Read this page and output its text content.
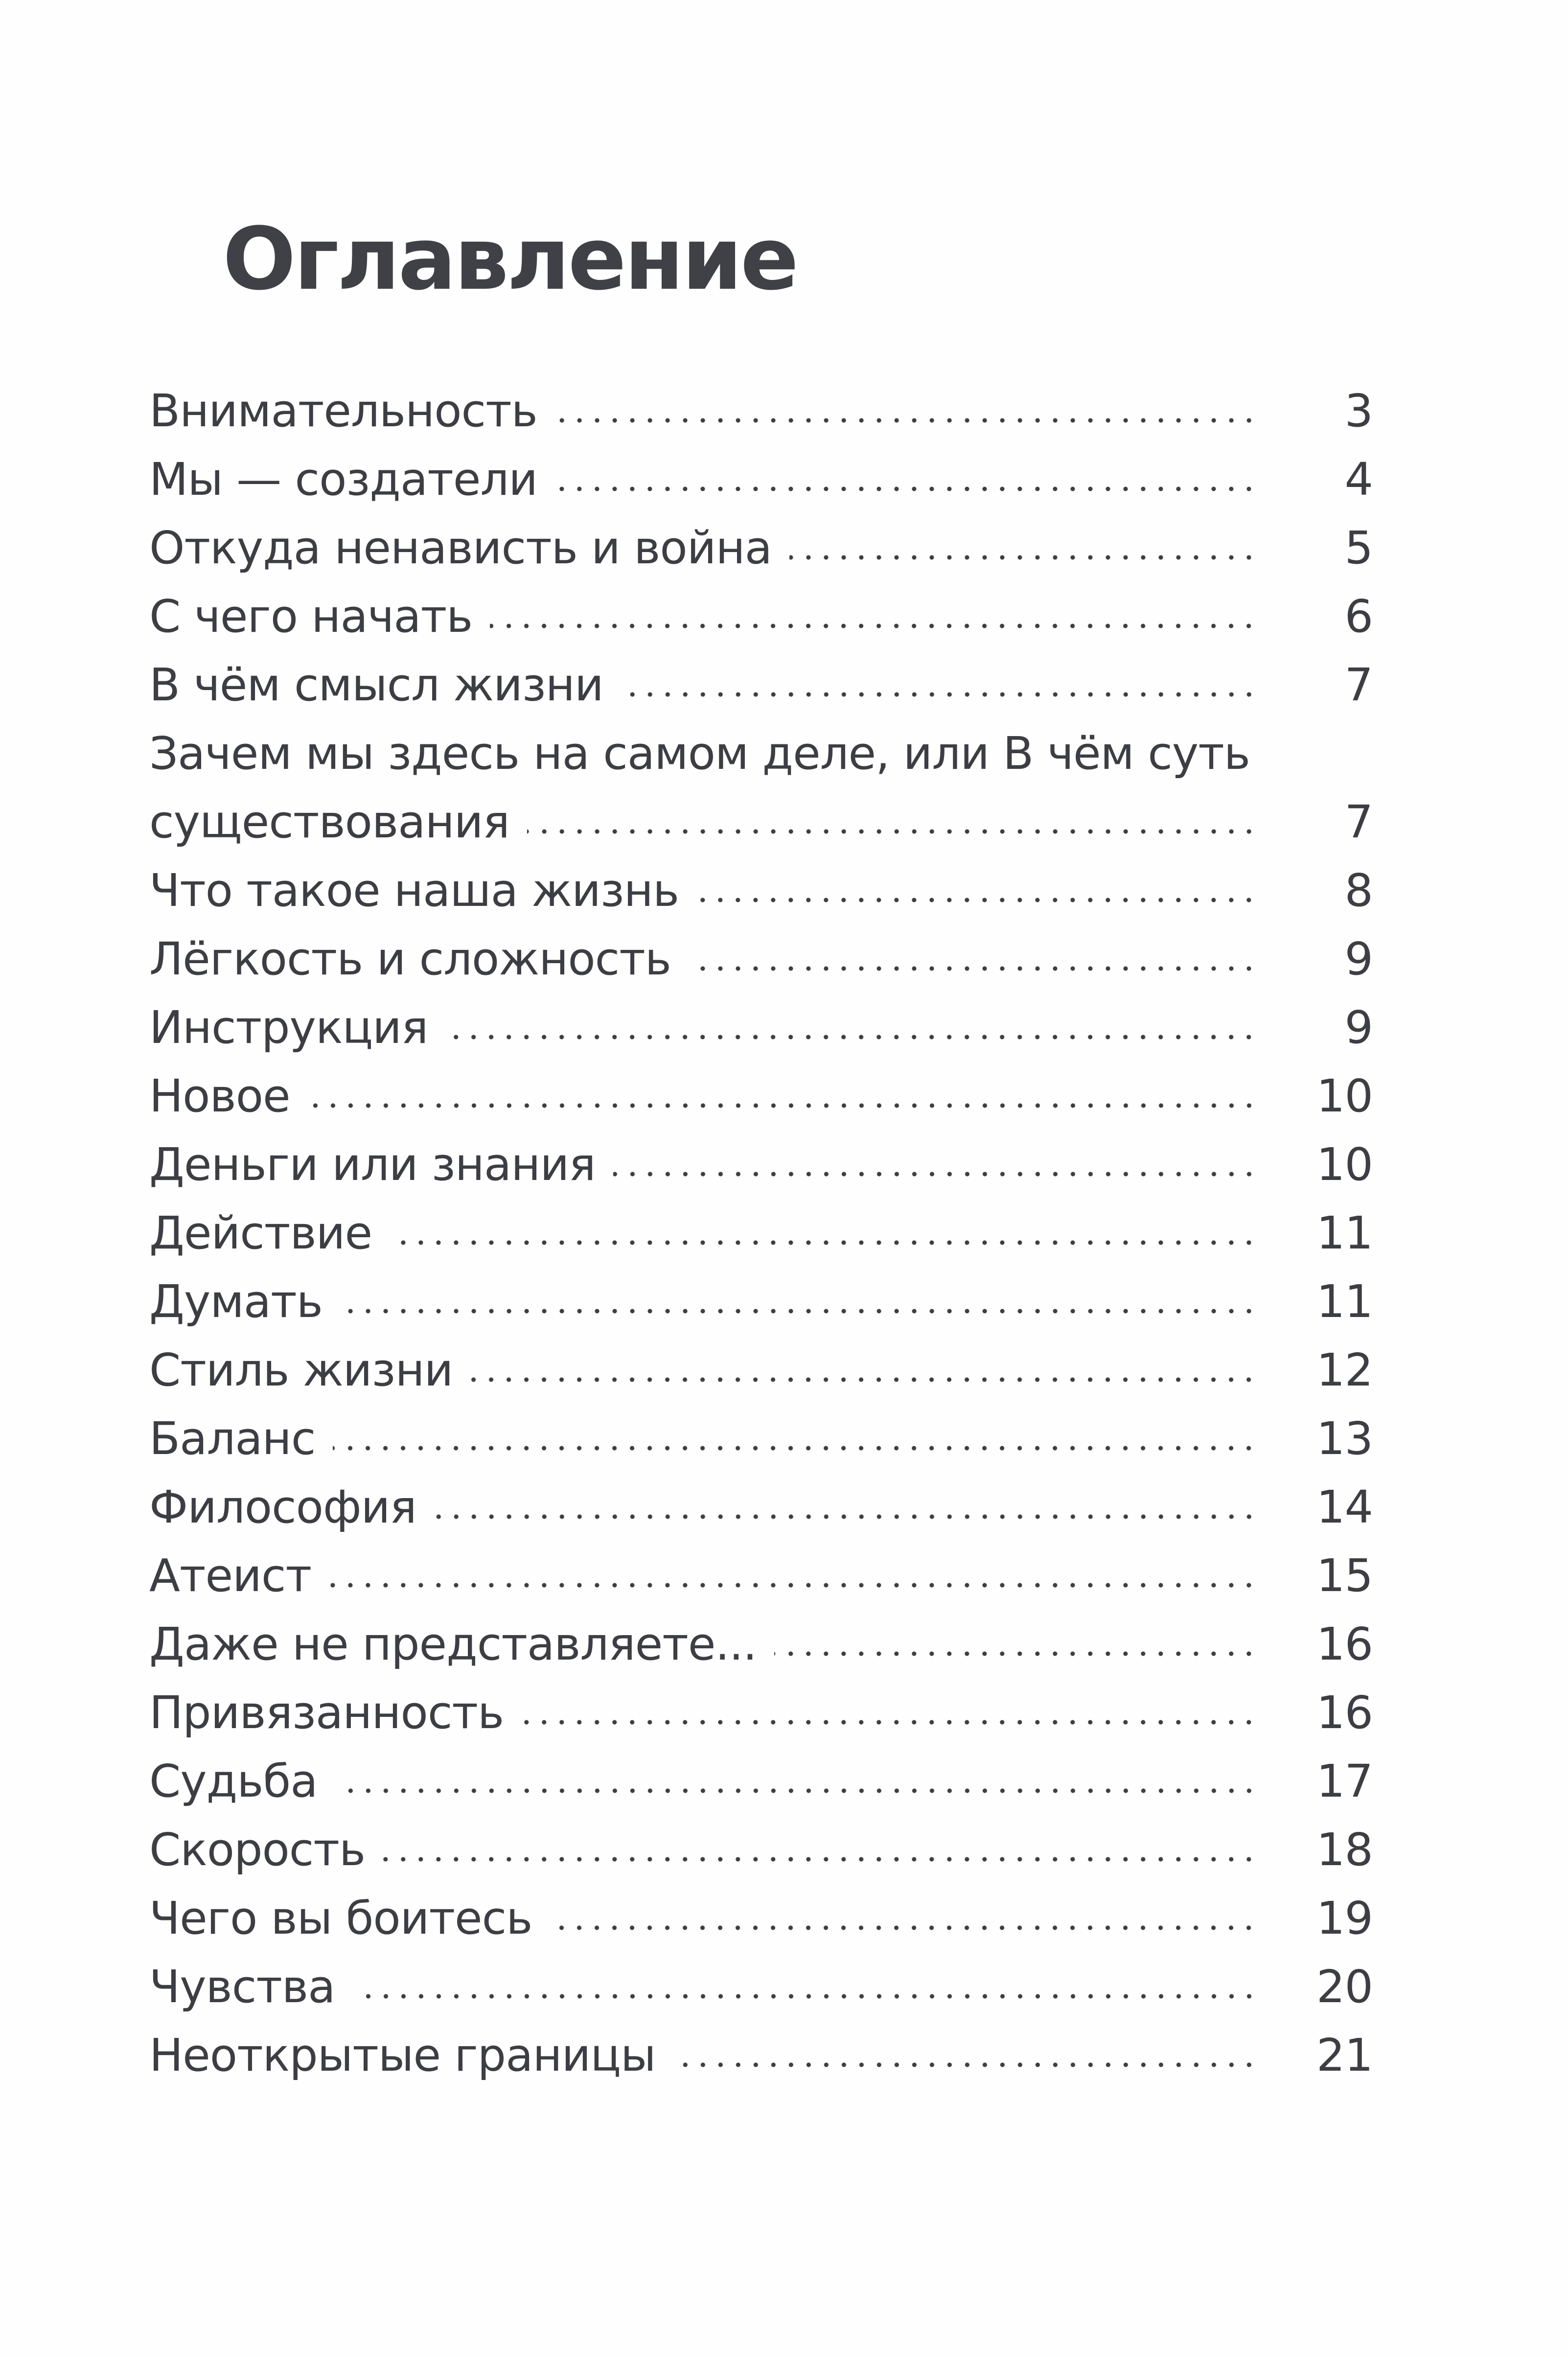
Оглавление
Внимательность	3
Мы — создатели	4
Откуда ненависть и война	5
С чего начать	6
В чём смысл жизни	7
Зачем мы здесь на самом деле, или В чём суть
существования	7
Что такое наша жизнь	8
Лёгкость и сложность	9
Инструкция	9
Новое	10
Деньги или знания	10
Действие	11
Думать	11
Стиль жизни	12
Баланс	13
Философия	14
Атеист	15
Даже не представляете...	16
Привязанность	16
Судьба	17
Скорость	18
Чего вы боитесь	19
Чувства	20
Неоткрытые границы	21
